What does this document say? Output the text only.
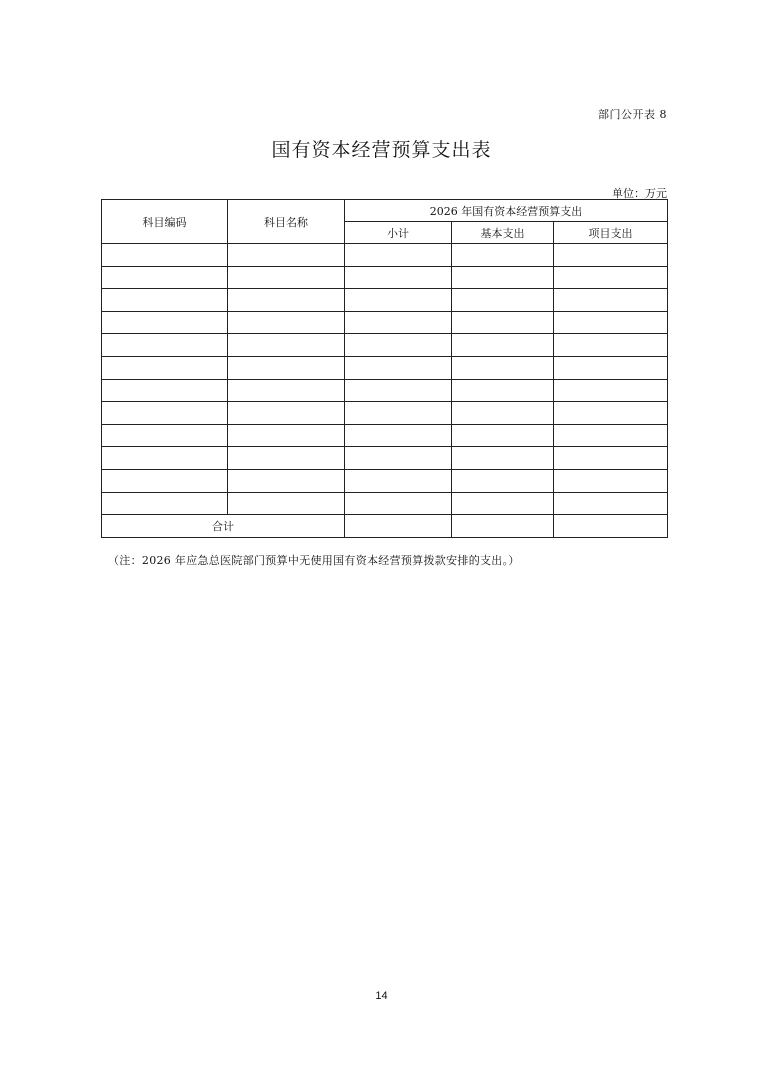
部门公开表 8
国有资本经营预算支出表
单位：万元
科目编码	科目名称	2026 年国有资本经营预算支出		
		小计	基本支出	项目支出

合计				
（注：2026 年应急总医院部门预算中无使用国有资本经营预算拨款安排的支出。）
14
